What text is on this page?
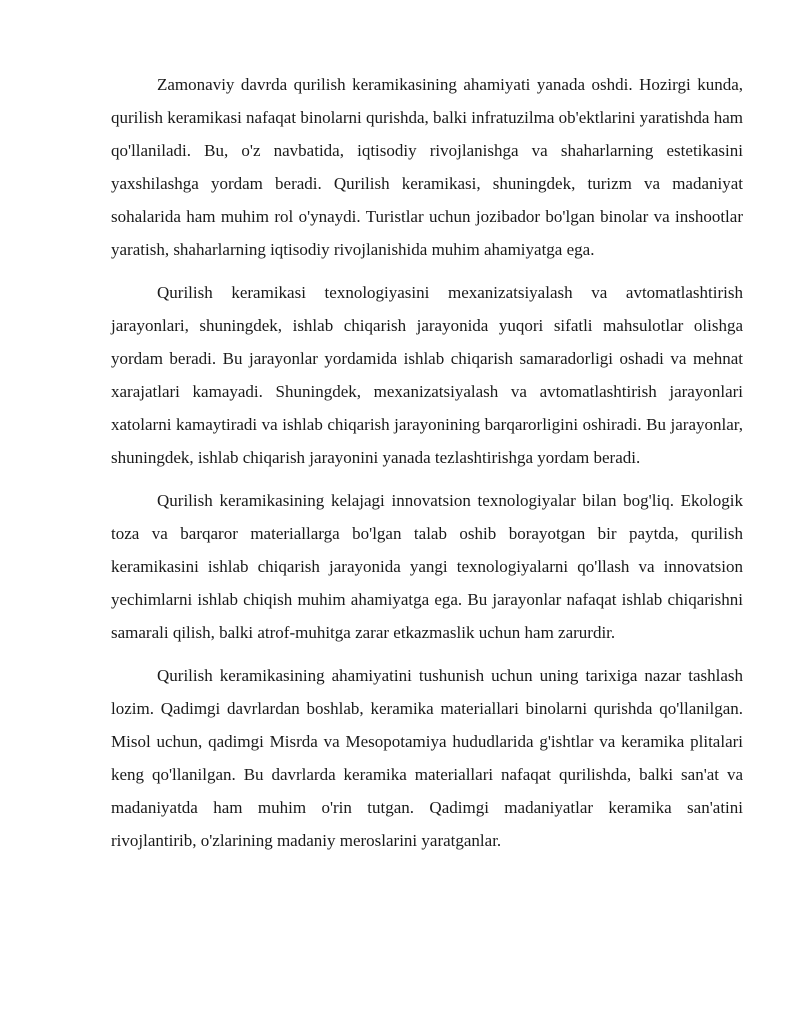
Zamonaviy davrda qurilish keramikasining ahamiyati yanada oshdi. Hozirgi kunda, qurilish keramikasi nafaqat binolarni qurishda, balki infratuzilma ob'ektlarini yaratishda ham qo'llaniladi. Bu, o'z navbatida, iqtisodiy rivojlanishga va shaharlarning estetikasini yaxshilashga yordam beradi. Qurilish keramikasi, shuningdek, turizm va madaniyat sohalarida ham muhim rol o'ynaydi. Turistlar uchun jozibador bo'lgan binolar va inshootlar yaratish, shaharlarning iqtisodiy rivojlanishida muhim ahamiyatga ega.

Qurilish keramikasi texnologiyasini mexanizatsiyalash va avtomatlashtirish jarayonlari, shuningdek, ishlab chiqarish jarayonida yuqori sifatli mahsulotlar olishga yordam beradi. Bu jarayonlar yordamida ishlab chiqarish samaradorligi oshadi va mehnat xarajatlari kamayadi. Shuningdek, mexanizatsiyalash va avtomatlashtirish jarayonlari xatolarni kamaytiradi va ishlab chiqarish jarayonining barqarorligini oshiradi. Bu jarayonlar, shuningdek, ishlab chiqarish jarayonini yanada tezlashtirishga yordam beradi.

Qurilish keramikasining kelajagi innovatsion texnologiyalar bilan bog'liq. Ekologik toza va barqaror materiallarga bo'lgan talab oshib borayotgan bir paytda, qurilish keramikasini ishlab chiqarish jarayonida yangi texnologiyalarni qo'llash va innovatsion yechimlarni ishlab chiqish muhim ahamiyatga ega. Bu jarayonlar nafaqat ishlab chiqarishni samarali qilish, balki atrof-muhitga zarar etkazmaslik uchun ham zarurdir.

Qurilish keramikasining ahamiyatini tushunish uchun uning tarixiga nazar tashlash lozim. Qadimgi davrlardan boshlab, keramika materiallari binolarni qurishda qo'llanilgan. Misol uchun, qadimgi Misrda va Mesopotamiya hududlarida g'ishtlar va keramika plitalari keng qo'llanilgan. Bu davrlarda keramika materiallari nafaqat qurilishda, balki san'at va madaniyatda ham muhim o'rin tutgan. Qadimgi madaniyatlar keramika san'atini rivojlantirib, o'zlarining madaniy meroslarini yaratganlar.
